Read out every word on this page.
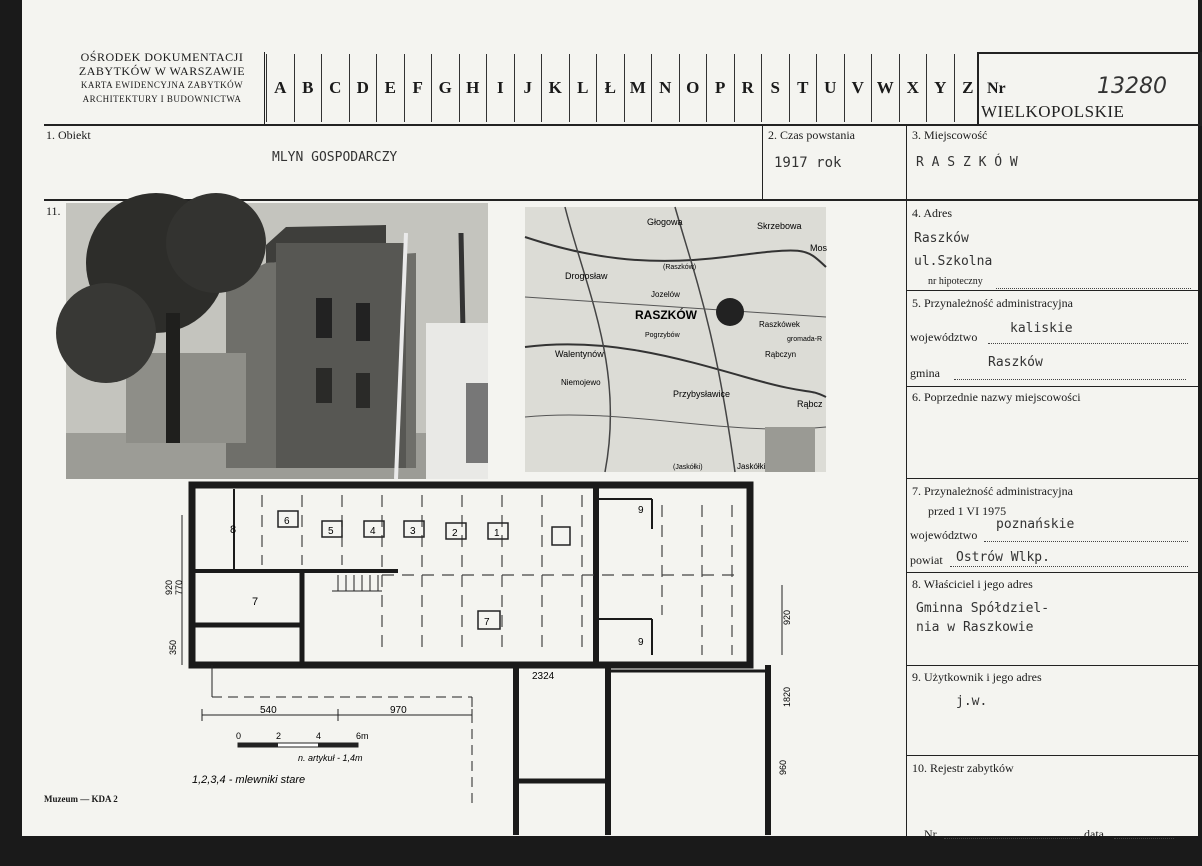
OŚRODEK DOKUMENTACJI
ZABYTKÓW W WARSZAWIE
KARTA EWIDENCYJNA ZABYTKÓW
ARCHITEKTURY I BUDOWNICTWA
A B C D E F G H	I	J K L Ł M N O P R S	T U V W X Y Z Nr	13280
WIELKOPOLSKIE
1. Obiekt
MLYN GOSPODARCZY
2. Czas powstania
1917 rok
3. Miejscowość
R A S Z K Ó W
11.	4. Adres
Raszków
ul.Szkolna
nr hipoteczny
5. Przynależność administracyjna
województwo
kaliskie
gmina
Raszków
6. Poprzednie nazwy miejscowości
7. Przynależność administracyjna
przed 1 VI 1975
województwo
poznańskie
powiat Ostrów Wlkp.
8. Właściciel i jego adres
Gminna Spółdziel-
nia w Raszkowie
9. Użytkownik i jego adres
j.w.
10. Rejestr zabytków
Nr	data
Muzeum — KDA 2
Głogowa	Skrzebowa
Mos
Drogosław
Jozelów
(Raszków)
RASZKÓW
Pogrzybów
Raszkówek
gromada-R
Walentynów	Rąbczyn
Niemojewo
Przybysławice
Rąbcz
(Jaskółki)	Jaskółki
8
7
9
9
6
5	4	3	2	1
7
920 770
350
920
1820
2324
540	970
960
0	2	4	6m
n. artykuł - 1,4m
1,2,3,4 - mlewniki stare
